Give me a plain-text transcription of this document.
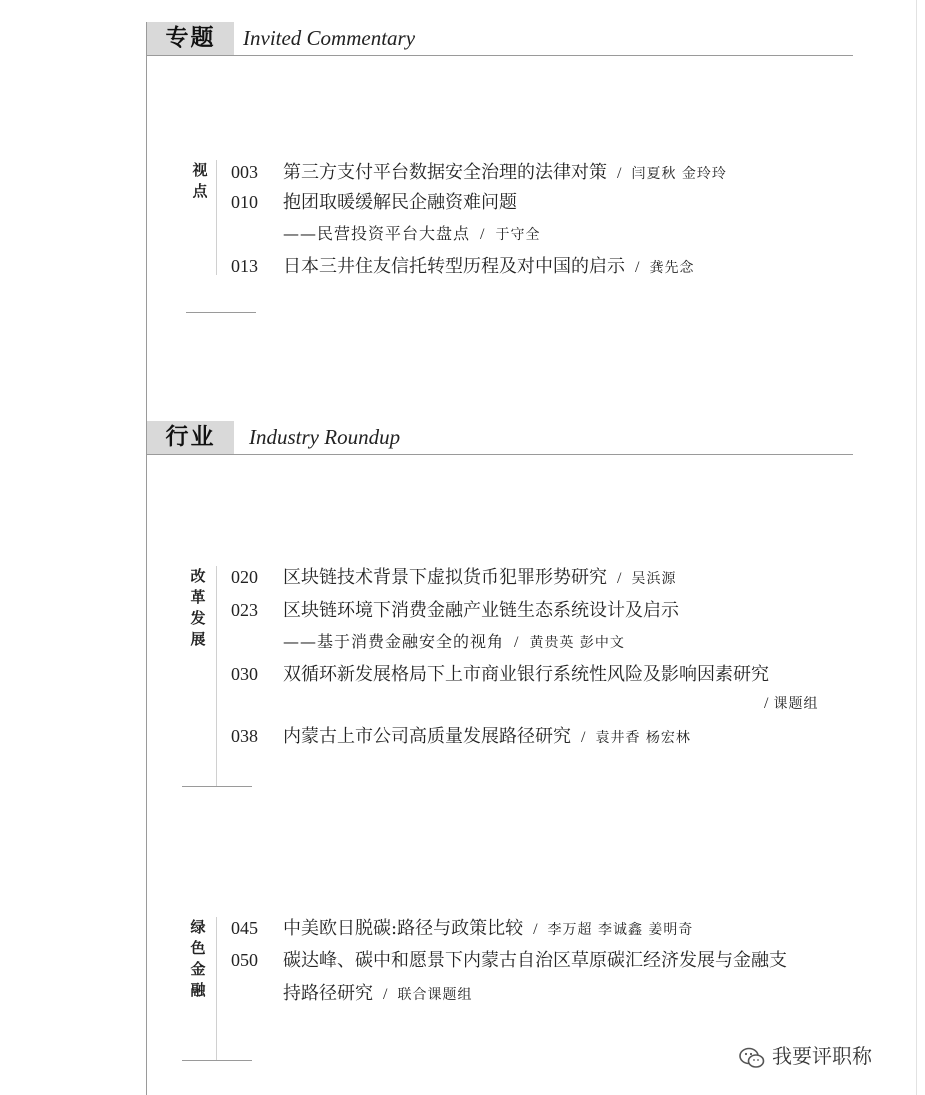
专题	Invited Commentary
视
点
003 第三方支付平台数据安全治理的法律对策 / 闫夏秋 金玲玲
010 抱团取暖缓解民企融资难问题
——民营投资平台大盘点 / 于守全
013 日本三井住友信托转型历程及对中国的启示 / 龚先念
行业	Industry Roundup
改
革
发
展
020 区块链技术背景下虚拟货币犯罪形势研究 / 吴浜源
023 区块链环境下消费金融产业链生态系统设计及启示
——基于消费金融安全的视角 / 黄贵英 彭中文
030 双循环新发展格局下上市商业银行系统性风险及影响因素研究
/ 课题组
038 内蒙古上市公司高质量发展路径研究 / 袁井香 杨宏林
绿
色
金
融
045 中美欧日脱碳:路径与政策比较 / 李万超 李诚鑫 姜明奇
050 碳达峰、碳中和愿景下内蒙古自治区草原碳汇经济发展与金融支
持路径研究 / 联合课题组
我要评职称
